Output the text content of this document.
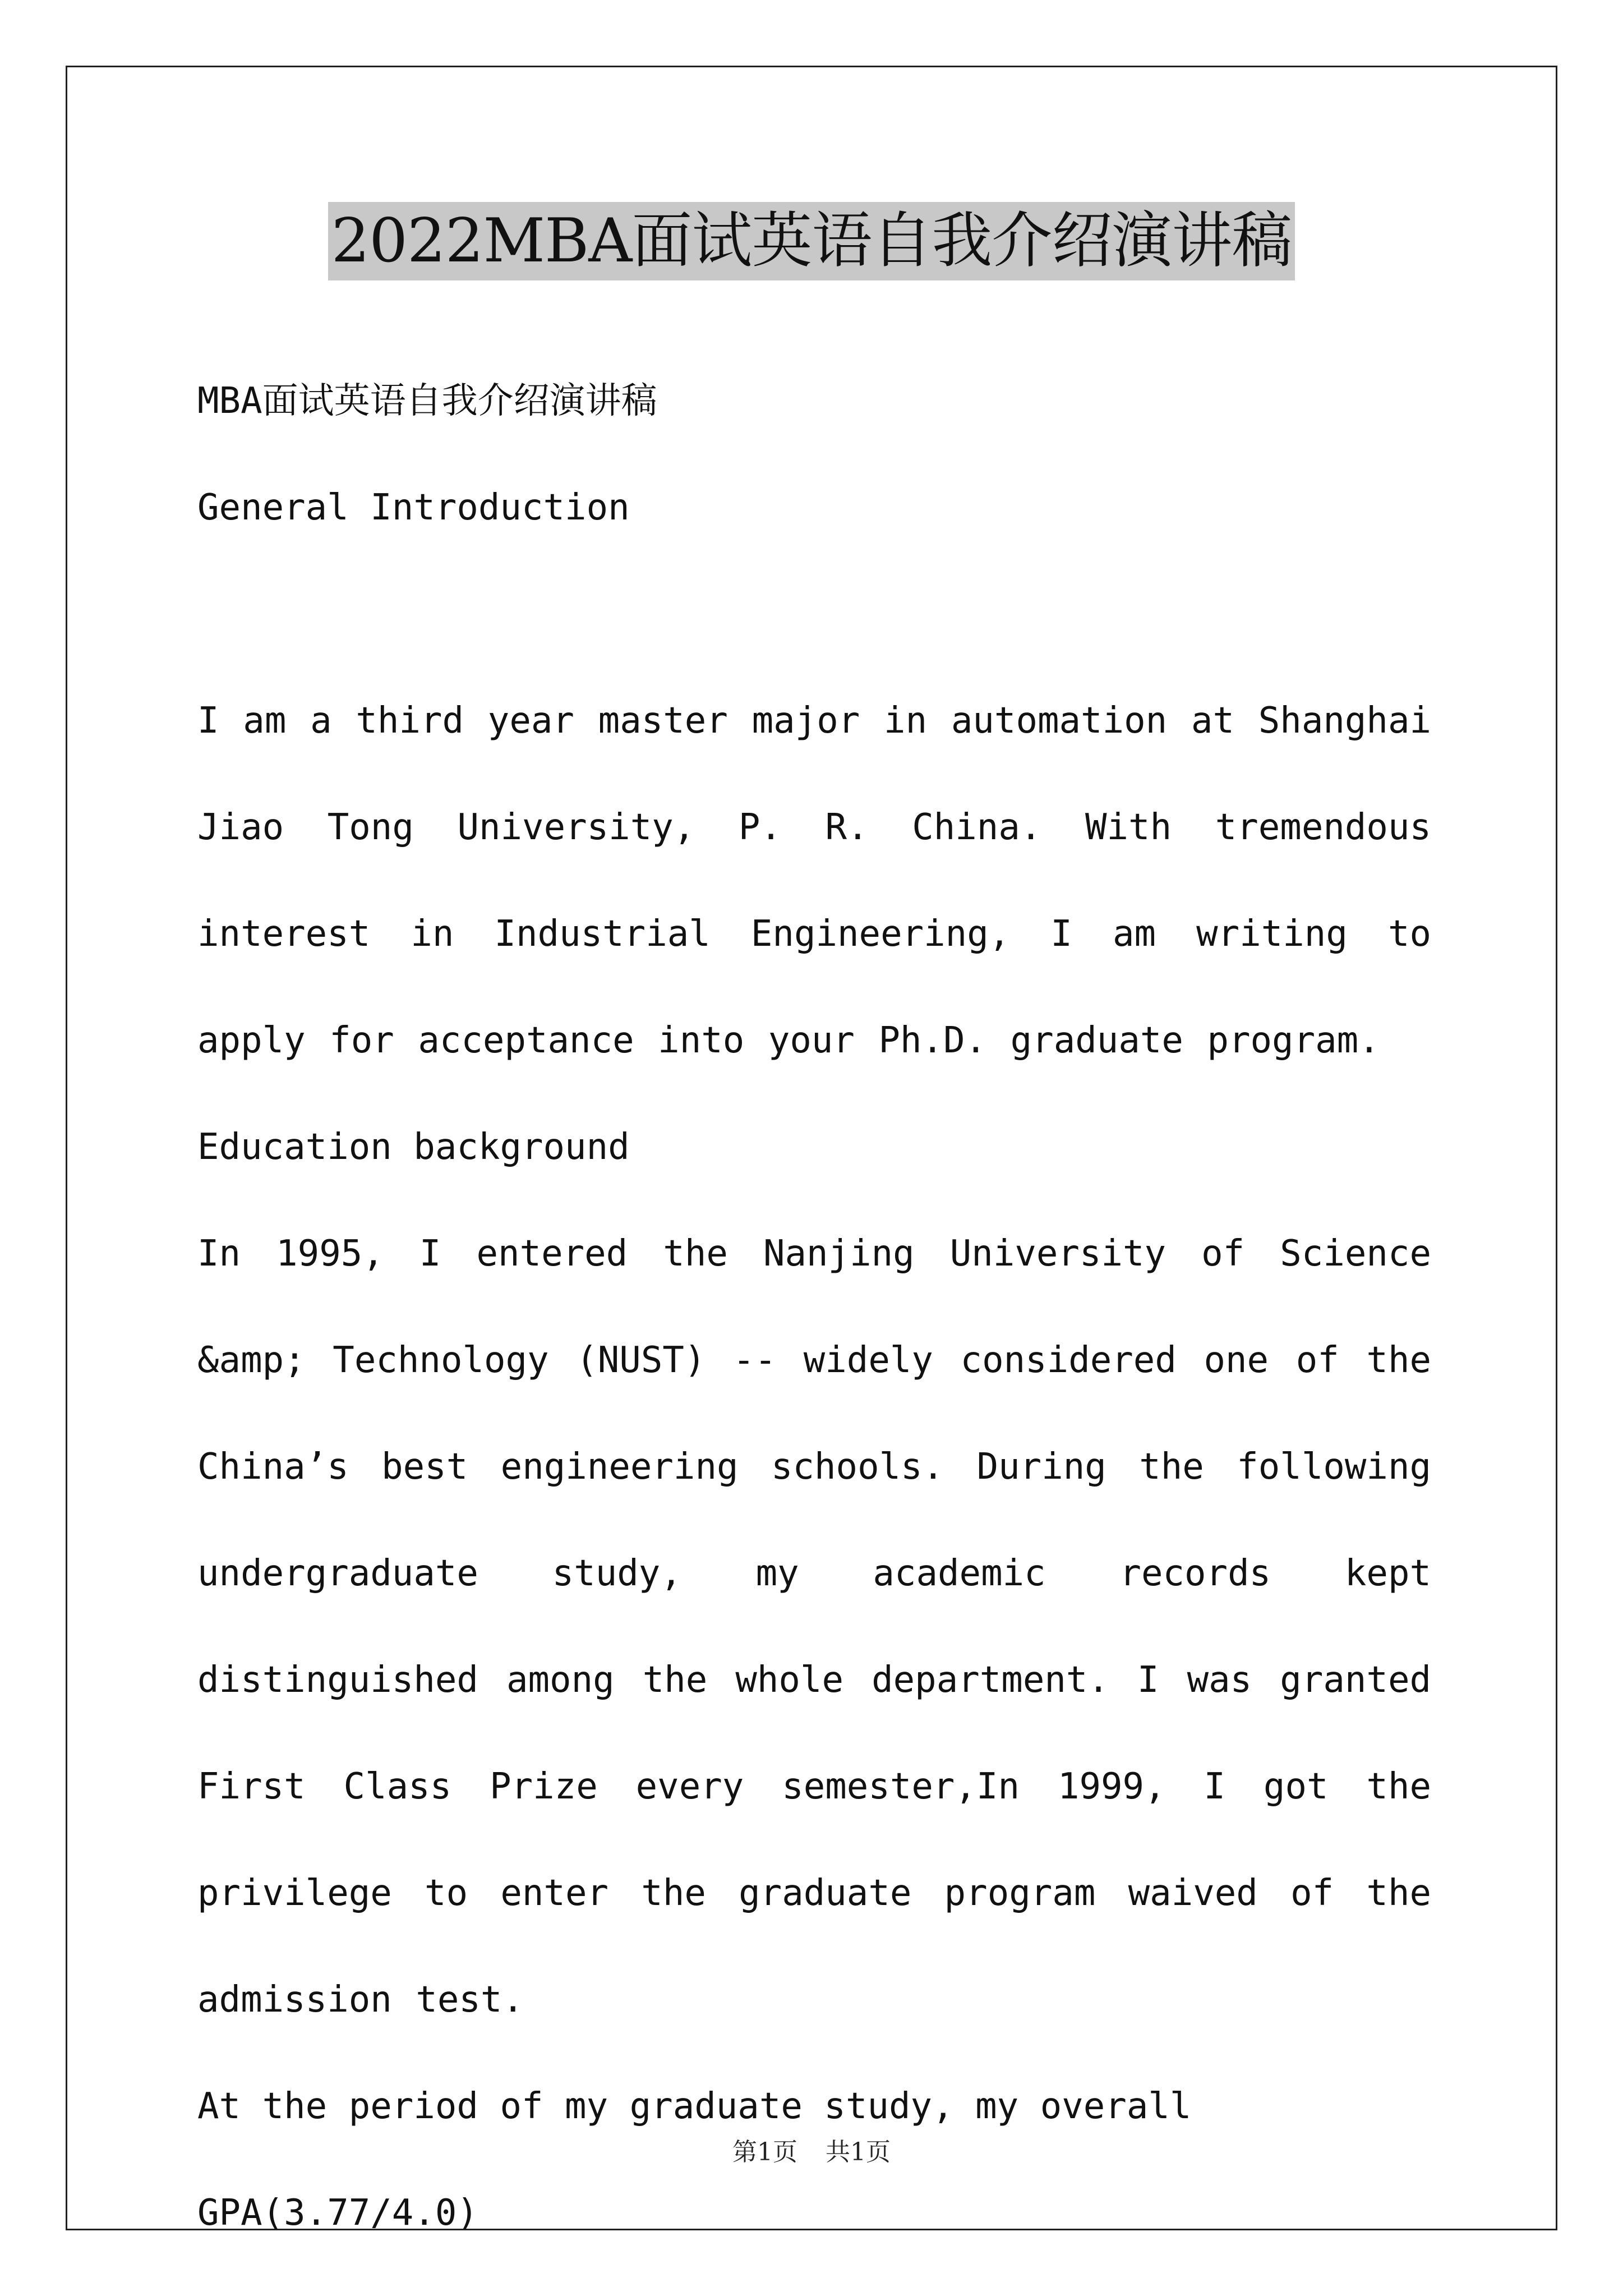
2022MBA面试英语自我介绍演讲稿

MBA面试英语自我介绍演讲稿

General Introduction

I am a third year master major in automation at Shanghai Jiao Tong University, P. R. China. With tremendous interest in Industrial Engineering, I am writing to apply for acceptance into your Ph.D. graduate program.

Education background

In 1995, I entered the Nanjing University of Science &amp; Technology (NUST) -- widely considered one of the China’s best engineering schools. During the following undergraduate study, my academic records kept distinguished among the whole department. I was granted First Class Prize every semester,In 1999, I got the privilege to enter the graduate program waived of the admission test.

At the period of my graduate study, my overall GPA(3.77/4.0)

第1页 共1页
